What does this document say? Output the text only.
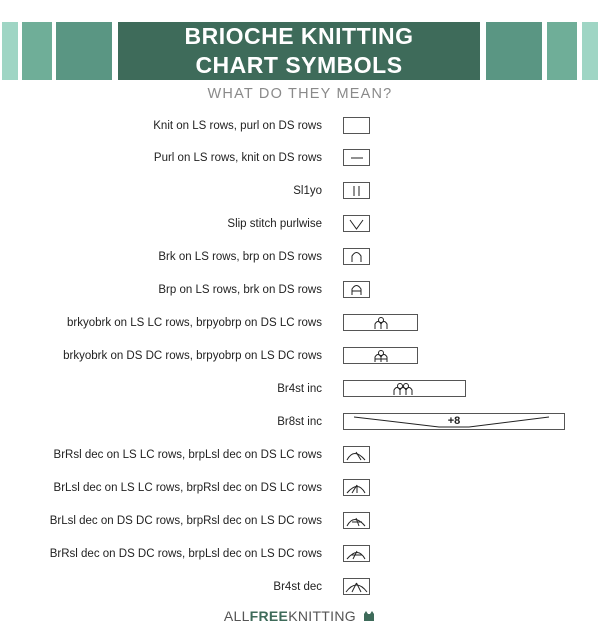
BRIOCHE KNITTING
CHART SYMBOLS
WHAT DO THEY MEAN?
Knit on LS rows, purl on DS rows
Purl on LS rows, knit on DS rows
Sl1yo
Slip stitch purlwise
Brk on LS rows, brp on DS rows
Brp on LS rows, brk on DS rows
brkyobrk on LS LC rows, brpyobrp on DS LC rows
brkyobrk on DS DC rows, brpyobrp on LS DC rows
Br4st inc
Br8st inc	+8
BrRsl dec on LS LC rows, brpLsl dec on DS LC rows
BrLsl dec on LS LC rows, brpRsl dec on DS LC rows
BrLsl dec on DS DC rows, brpRsl dec on LS DC rows
BrRsl dec on DS DC rows, brpLsl dec on LS DC rows
Br4st dec
ALLFREEKNITTING
